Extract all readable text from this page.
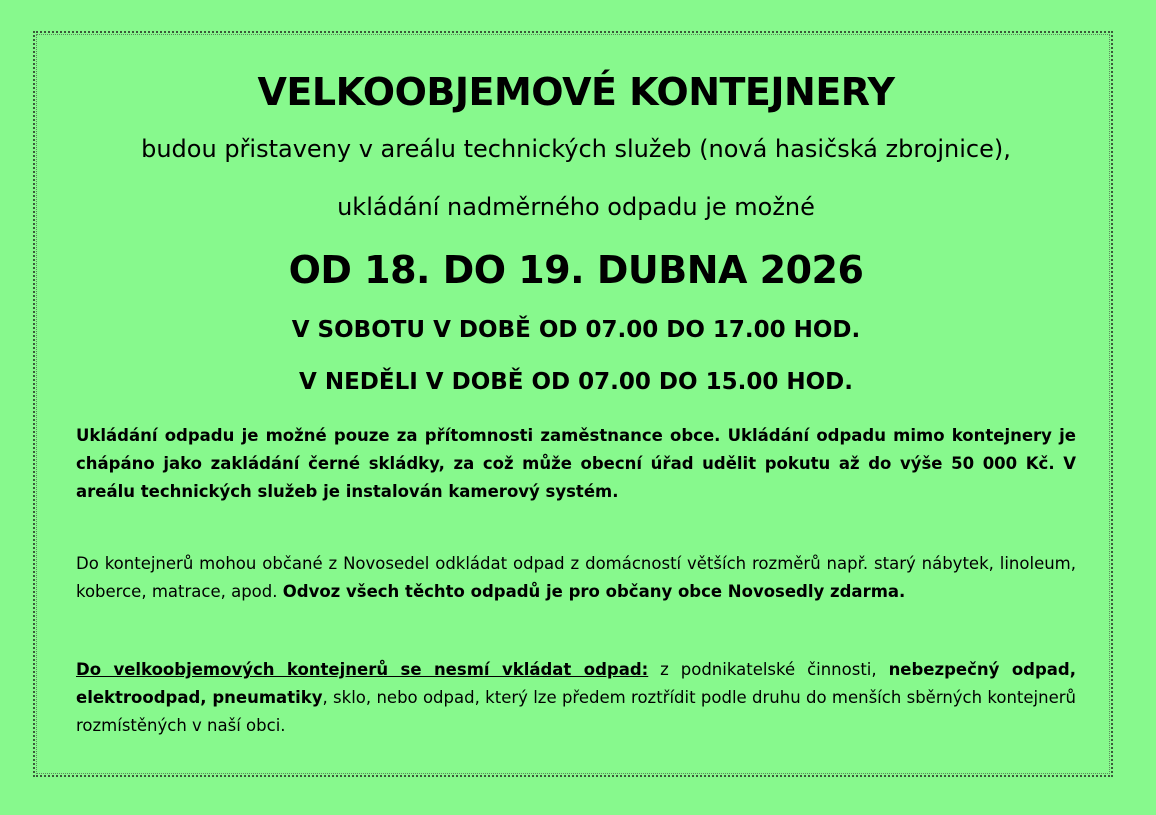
VELKOOBJEMOVÉ KONTEJNERY

budou přistaveny v areálu technických služeb (nová hasičská zbrojnice),

ukládání nadměrného odpadu je možné

OD 18. DO 19. DUBNA 2026

V SOBOTU V DOBĚ OD 07.00 DO 17.00 HOD.

V NEDĚLI V DOBĚ OD 07.00 DO 15.00 HOD.

Ukládání odpadu je možné pouze za přítomnosti zaměstnance obce. Ukládání odpadu mimo kontejnery je chápáno jako zakládání černé skládky, za což může obecní úřad udělit pokutu až do výše 50 000 Kč. V areálu technických služeb je instalován kamerový systém.

Do kontejnerů mohou občané z Novosedel odkládat odpad z domácností větších rozměrů např. starý nábytek, linoleum, koberce, matrace, apod. Odvoz všech těchto odpadů je pro občany obce Novosedly zdarma.

Do velkoobjemových kontejnerů se nesmí vkládat odpad: z podnikatelské činnosti, nebezpečný odpad, elektroodpad, pneumatiky, sklo, nebo odpad, který lze předem roztřídit podle druhu do menších sběrných kontejnerů rozmístěných v naší obci.
